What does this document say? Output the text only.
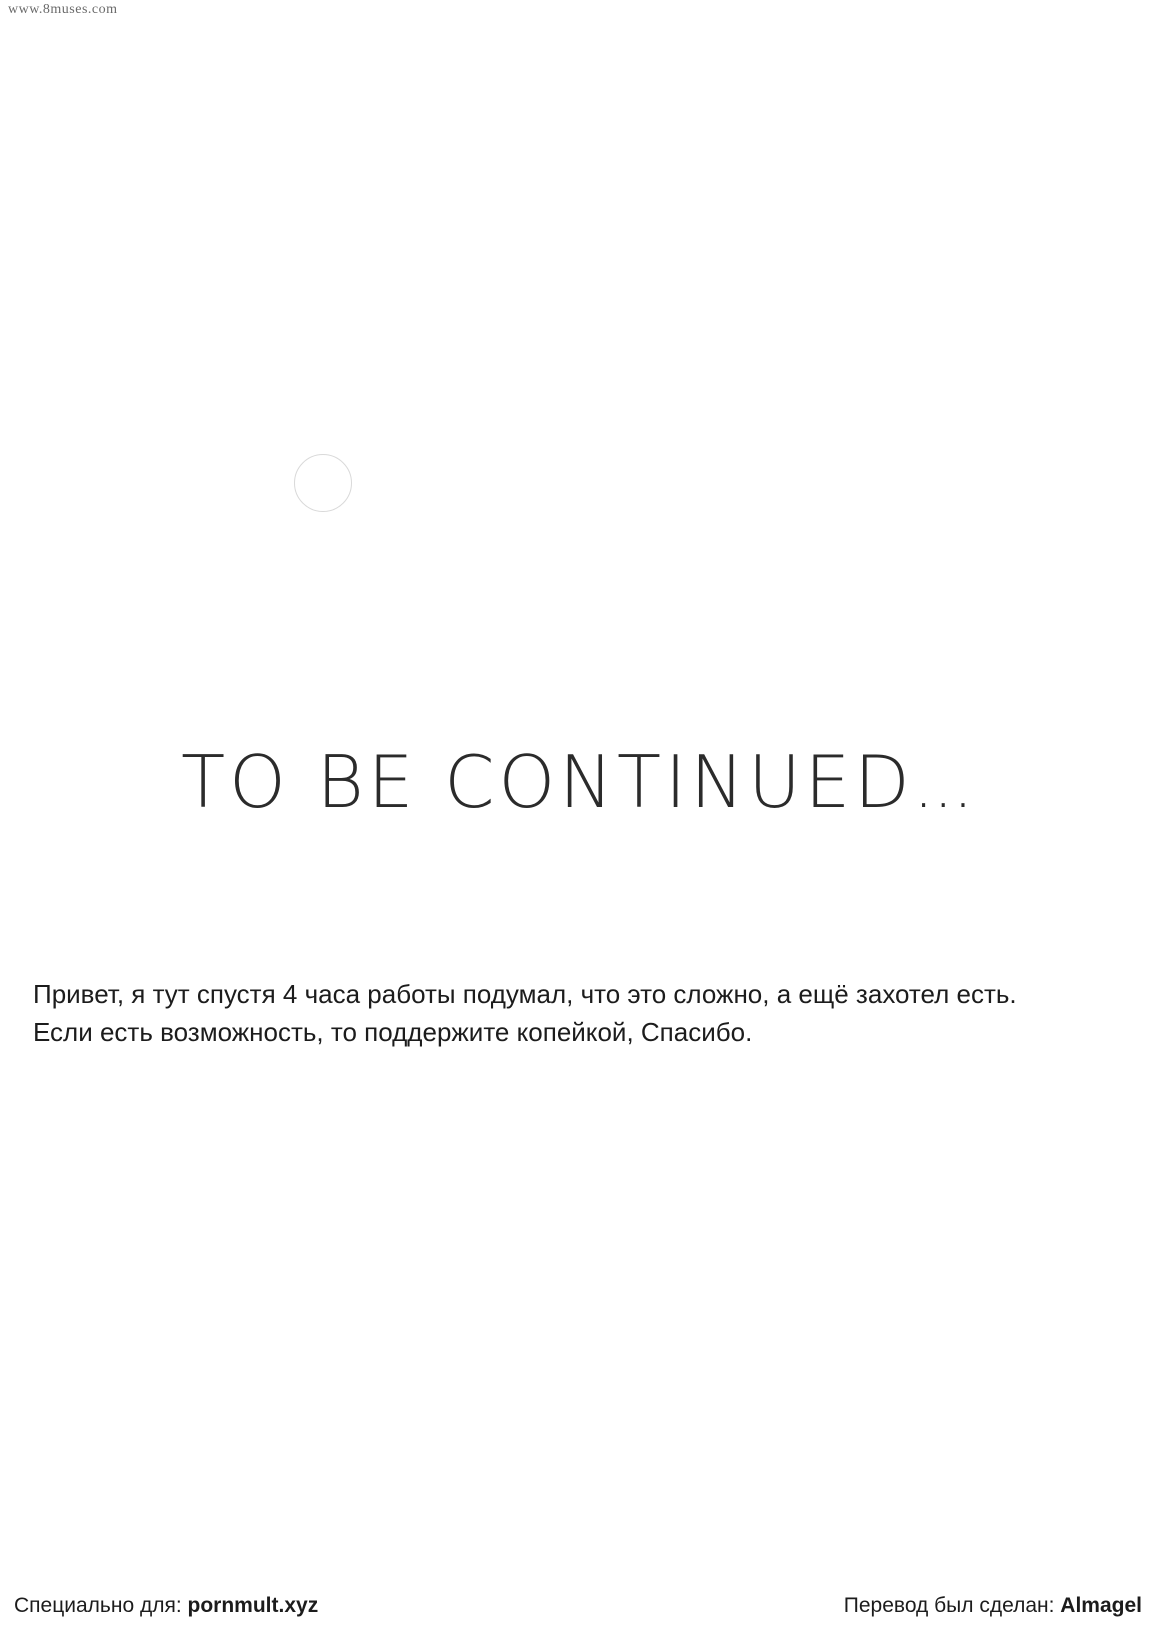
www.8muses.com
TO BE CONTINUED...
Привет, я тут спустя 4 часа работы подумал, что это сложно, а ещё захотел есть.
Если есть возможность, то поддержите копейкой, Спасибо.
Специально для: pornmult.xyz	Перевод был сделан: Almagel
